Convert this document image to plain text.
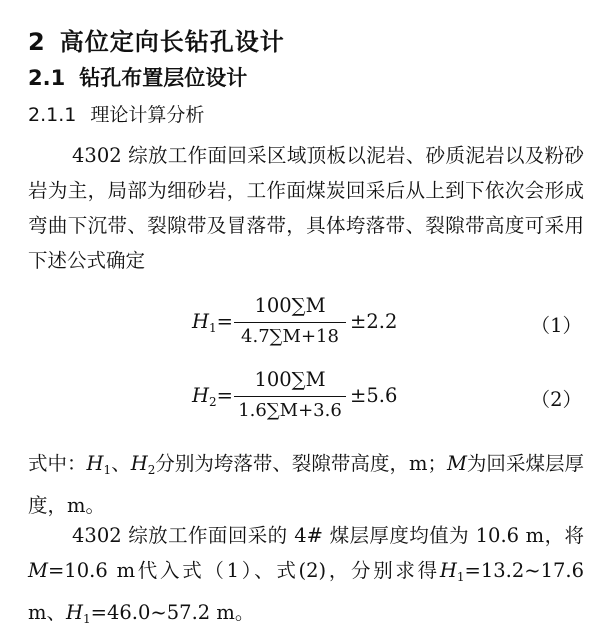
2 高位定向长钻孔设计
2.1 钻孔布置层位设计
2.1.1 理论计算分析
4302 综放工作面回采区域顶板以泥岩、砂质泥岩以及粉砂岩为主，局部为细砂岩，工作面煤炭回采后从上到下依次会形成弯曲下沉带、裂隙带及冒落带，具体垮落带、裂隙带高度可采用下述公式确定
$H_1=$
100∑M
4.7∑M+18
±2.2	（1）
$H_2=$
100∑M
1.6∑M+3.6
±5.6	（2）
式中：$H_1$、$H_2$分别为垮落带、裂隙带高度，m；M为回采煤层厚度，m。
4302 综放工作面回采的 4# 煤层厚度均值为 10.6 m，将M=10.6 m代入式（1）、式(2)，分别求得$H_1=13.2\sim 17.6$ m、$H_1=46.0\sim 57.2$ m。
